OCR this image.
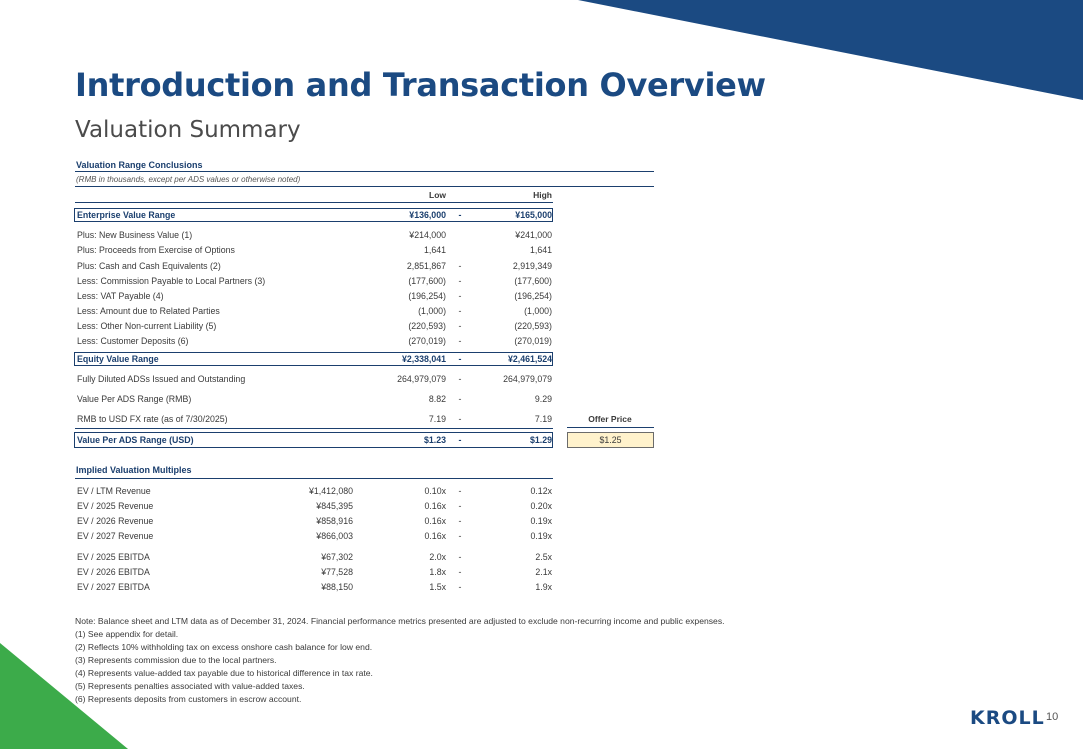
Introduction and Transaction Overview
Valuation Summary
Valuation Range Conclusions
(RMB in thousands, except per ADS values or otherwise noted)
Low	High
Enterprise Value Range	¥136,000	-	¥165,000
Plus: New Business Value (1)	¥214,000	¥241,000
Plus: Proceeds from Exercise of Options	1,641	1,641
Plus: Cash and Cash Equivalents (2)	2,851,867	-	2,919,349
Less: Commission Payable to Local Partners (3)	(177,600)	-	(177,600)
Less: VAT Payable (4)	(196,254)	-	(196,254)
Less: Amount due to Related Parties	(1,000)	-	(1,000)
Less: Other Non-current Liability (5)	(220,593)	-	(220,593)
Less: Customer Deposits (6)	(270,019)	-	(270,019)
Equity Value Range	¥2,338,041	-	¥2,461,524
Fully Diluted ADSs Issued and Outstanding	264,979,079	-	264,979,079
Value Per ADS Range (RMB)	8.82	-	9.29
RMB to USD FX rate (as of 7/30/2025)	7.19	-	7.19	Offer Price
Value Per ADS Range (USD)	$1.23	-	$1.29	$1.25
Implied Valuation Multiples
EV / LTM Revenue	¥1,412,080	0.10x	-	0.12x
EV / 2025 Revenue	¥845,395	0.16x	-	0.20x
EV / 2026 Revenue	¥858,916	0.16x	-	0.19x
EV / 2027 Revenue	¥866,003	0.16x	-	0.19x
EV / 2025 EBITDA	¥67,302	2.0x	-	2.5x
EV / 2026 EBITDA	¥77,528	1.8x	-	2.1x
EV / 2027 EBITDA	¥88,150	1.5x	-	1.9x
Note: Balance sheet and LTM data as of December 31, 2024. Financial performance metrics presented are adjusted to exclude non-recurring income and public expenses.
(1) See appendix for detail.
(2) Reflects 10% withholding tax on excess onshore cash balance for low end.
(3) Represents commission due to the local partners.
(4) Represents value-added tax payable due to historical difference in tax rate.
(5) Represents penalties associated with value-added taxes.
(6) Represents deposits from customers in escrow account.
KROLL 10
